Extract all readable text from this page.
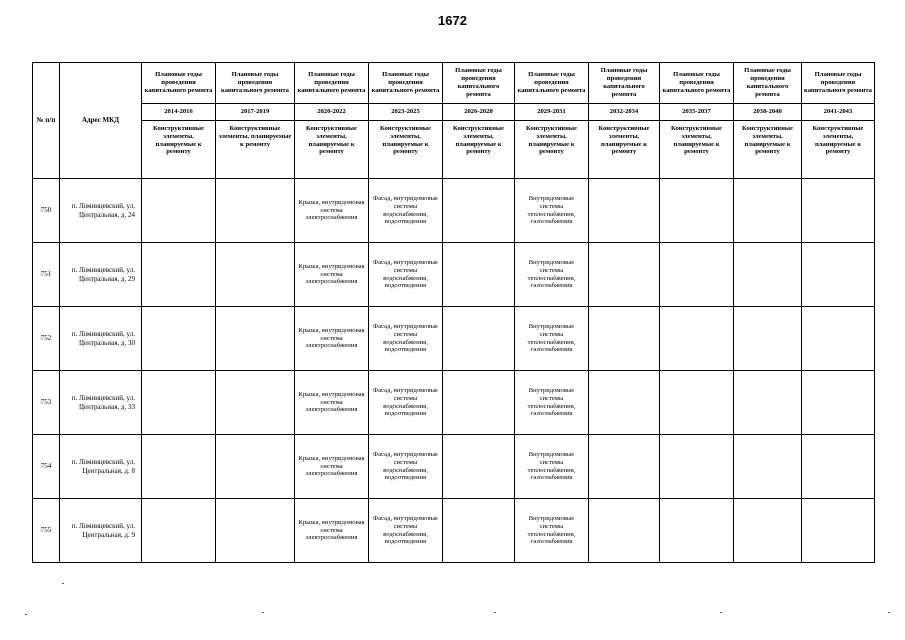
1672
№ п/п	Адрес МКД	Плановые годы проведения капитального ремонта	Плановые годы проведения капитального ремонта	Плановые годы проведения капитального ремонта	Плановые годы проведения капитального ремонта	Плановые годы проведения капитального ремонта	Плановые годы проведения капитального ремонта	Плановые годы проведения капитального ремонта	Плановые годы проведения капитального ремонта	Плановые годы проведения капитального ремонта	Плановые годы проведения капитального ремонта
		2014-2016	2017-2019	2020-2022	2023-2025	2026-2028	2029-2031	2032-2034	2035-2037	2038-2040	2041-2043
		Конструктивные элементы, планируемые к ремонту	Конструктивные элементы, планируемые к ремонту	Конструктивные элементы, планируемые к ремонту	Конструктивные элементы, планируемые к ремонту	Конструктивные элементы, планируемые к ремонту	Конструктивные элементы, планируемые к ремонту	Конструктивные элементы, планируемые к ремонту	Конструктивные элементы, планируемые к ремонту	Конструктивные элементы, планируемые к ремонту	Конструктивные элементы, планируемые к ремонту
750	п. Ломинцевский, ул. Центральная, д. 24			Крыша, внутридомовая система электроснабжения	Фасад, внутридомовые системы водоснабжения, водоотведения		Внутридомовые системы теплоснабжения, газоснабжения				
751	п. Ломинцевский, ул. Центральная, д. 29			Крыша, внутридомовая система электроснабжения	Фасад, внутридомовые системы водоснабжения, водоотведения		Внутридомовые системы теплоснабжения, газоснабжения				
752	п. Ломинцевский, ул. Центральная, д. 30			Крыша, внутридомовая система электроснабжения	Фасад, внутридомовые системы водоснабжения, водоотведения		Внутридомовые системы теплоснабжения, газоснабжения				
753	п. Ломинцевский, ул. Центральная, д. 33			Крыша, внутридомовая система электроснабжения	Фасад, внутридомовые системы водоснабжения, водоотведения		Внутридомовые системы теплоснабжения, газоснабжения				
754	п. Ломинцевский, ул. Центральная, д. 8			Крыша, внутридомовая система электроснабжения	Фасад, внутридомовые системы водоснабжения, водоотведения		Внутридомовые системы теплоснабжения, газоснабжения				
755	п. Ломинцевский, ул. Центральная, д. 9			Крыша, внутридомовая система электроснабжения	Фасад, внутридомовые системы водоснабжения, водоотведения		Внутридомовые системы теплоснабжения, газоснабжения				
